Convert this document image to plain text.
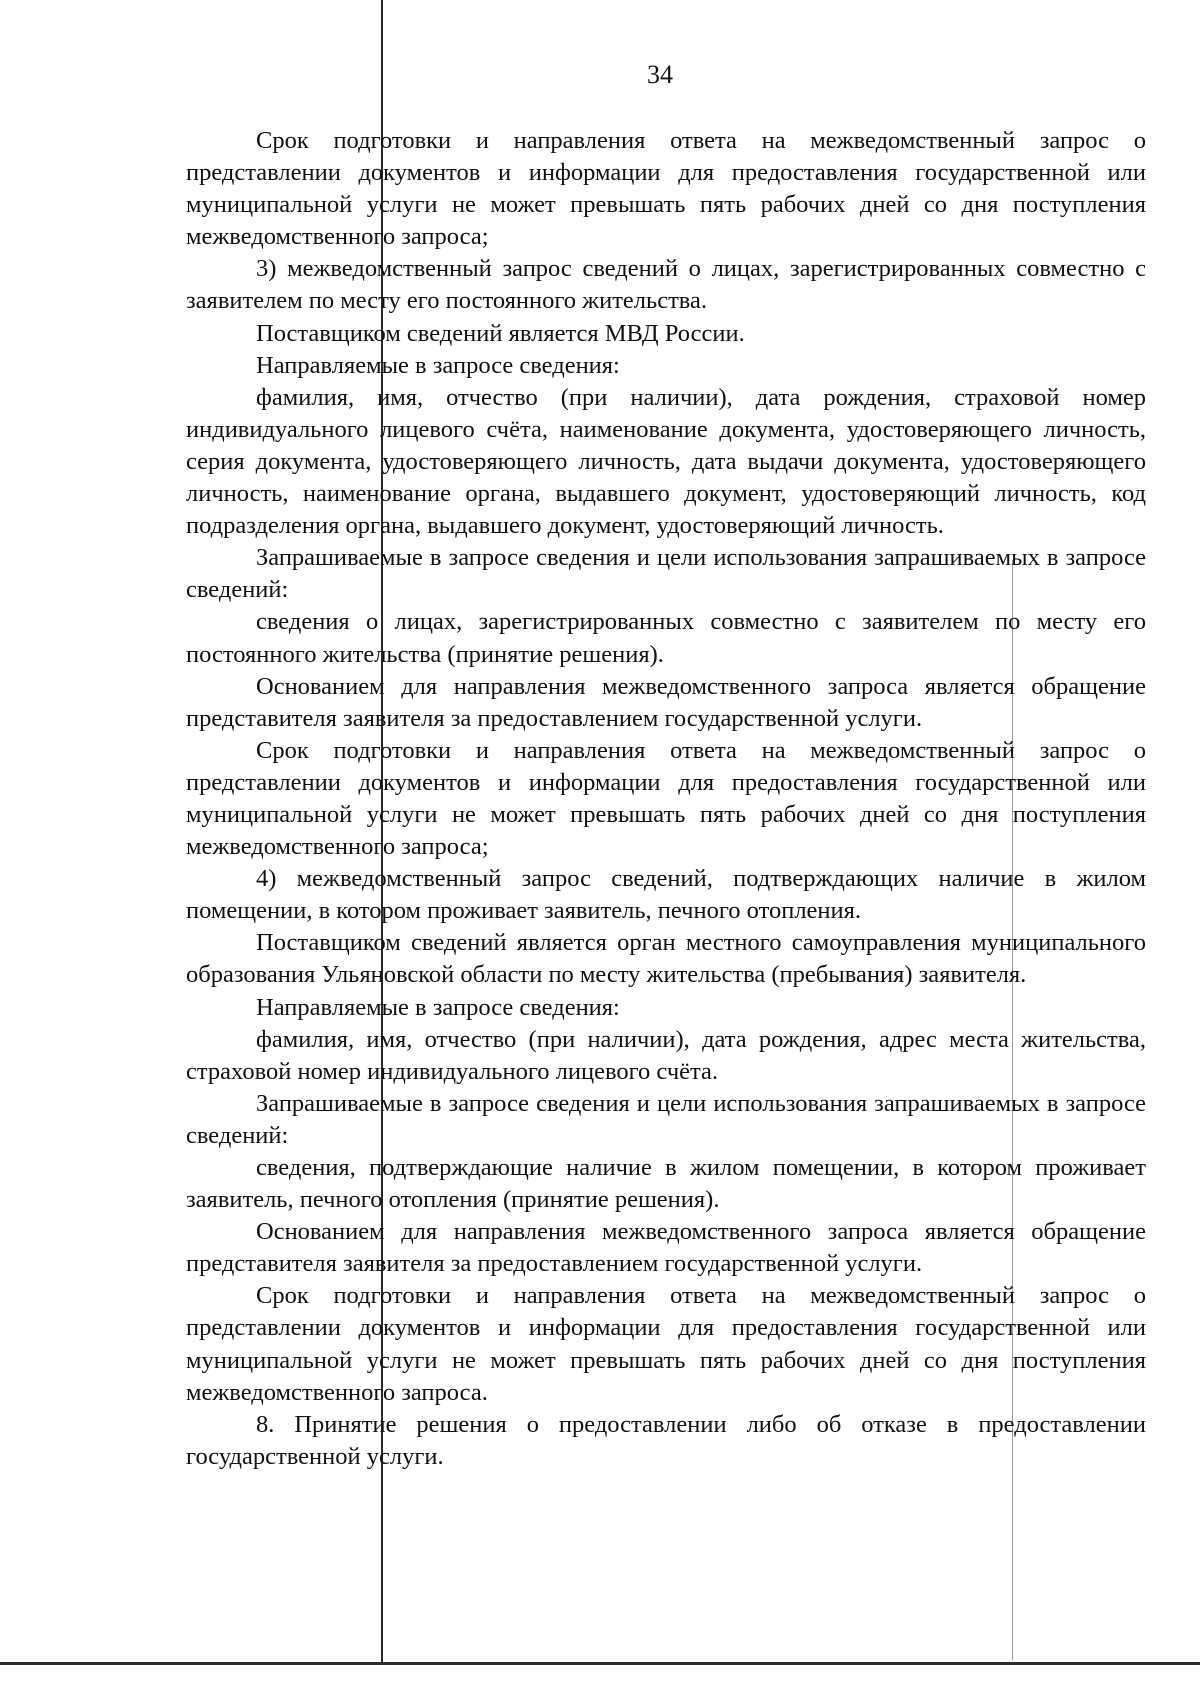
34

Срок подготовки и направления ответа на межведомственный запрос о представлении документов и информации для предоставления государственной или муниципальной услуги не может превышать пять рабочих дней со дня поступления межведомственного запроса;

3) межведомственный запрос сведений о лицах, зарегистрированных совместно с заявителем по месту его постоянного жительства.

Поставщиком сведений является МВД России.

Направляемые в запросе сведения:

фамилия, имя, отчество (при наличии), дата рождения, страховой номер индивидуального лицевого счёта, наименование документа, удостоверяющего личность, серия документа, удостоверяющего личность, дата выдачи документа, удостоверяющего личность, наименование органа, выдавшего документ, удостоверяющий личность, код подразделения органа, выдавшего документ, удостоверяющий личность.

Запрашиваемые в запросе сведения и цели использования запрашиваемых в запросе сведений:

сведения о лицах, зарегистрированных совместно с заявителем по месту его постоянного жительства (принятие решения).

Основанием для направления межведомственного запроса является обращение представителя заявителя за предоставлением государственной услуги.

Срок подготовки и направления ответа на межведомственный запрос о представлении документов и информации для предоставления государственной или муниципальной услуги не может превышать пять рабочих дней со дня поступления межведомственного запроса;

4) межведомственный запрос сведений, подтверждающих наличие в жилом помещении, в котором проживает заявитель, печного отопления.

Поставщиком сведений является орган местного самоуправления муниципального образования Ульяновской области по месту жительства (пребывания) заявителя.

Направляемые в запросе сведения:

фамилия, имя, отчество (при наличии), дата рождения, адрес места жительства, страховой номер индивидуального лицевого счёта.

Запрашиваемые в запросе сведения и цели использования запрашиваемых в запросе сведений:

сведения, подтверждающие наличие в жилом помещении, в котором проживает заявитель, печного отопления (принятие решения).

Основанием для направления межведомственного запроса является обращение представителя заявителя за предоставлением государственной услуги.

Срок подготовки и направления ответа на межведомственный запрос о представлении документов и информации для предоставления государственной или муниципальной услуги не может превышать пять рабочих дней со дня поступления межведомственного запроса.

8. Принятие решения о предоставлении либо об отказе в предоставлении государственной услуги.
